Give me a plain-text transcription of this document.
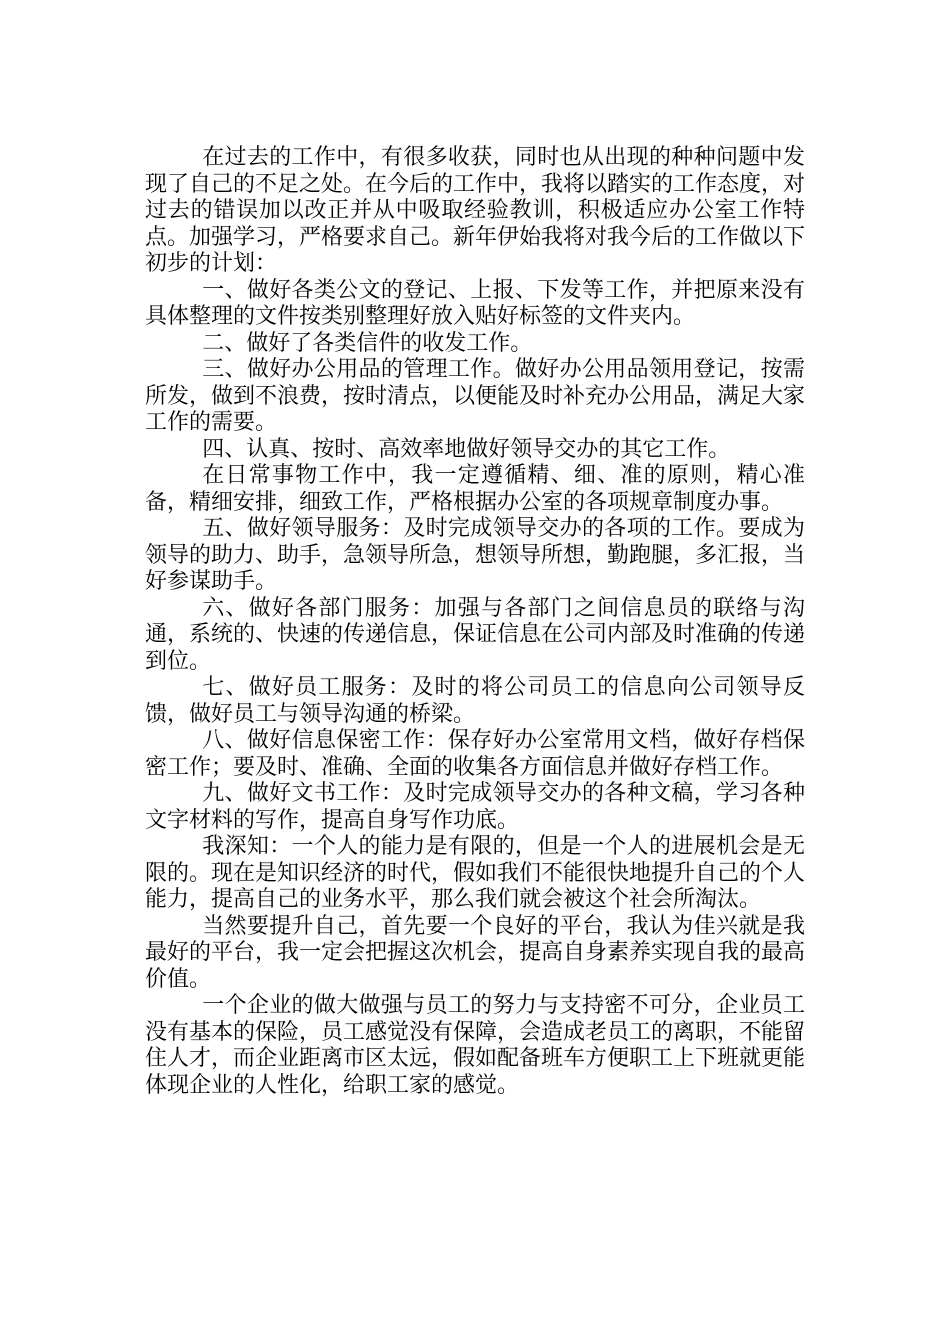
在过去的工作中，有很多收获，同时也从出现的种种问题中发现了自己的不足之处。在今后的工作中，我将以踏实的工作态度，对过去的错误加以改正并从中吸取经验教训，积极适应办公室工作特点。加强学习，严格要求自己。新年伊始我将对我今后的工作做以下初步的计划：

一、做好各类公文的登记、上报、下发等工作，并把原来没有具体整理的文件按类别整理好放入贴好标签的文件夹内。

二、做好了各类信件的收发工作。

三、做好办公用品的管理工作。做好办公用品领用登记，按需所发，做到不浪费，按时清点，以便能及时补充办公用品，满足大家工作的需要。

四、认真、按时、高效率地做好领导交办的其它工作。

在日常事物工作中，我一定遵循精、细、准的原则，精心准备，精细安排，细致工作，严格根据办公室的各项规章制度办事。

五、做好领导服务：及时完成领导交办的各项的工作。要成为领导的助力、助手，急领导所急，想领导所想，勤跑腿，多汇报，当好参谋助手。

六、做好各部门服务：加强与各部门之间信息员的联络与沟通，系统的、快速的传递信息，保证信息在公司内部及时准确的传递到位。

七、做好员工服务：及时的将公司员工的信息向公司领导反馈，做好员工与领导沟通的桥梁。

八、做好信息保密工作：保存好办公室常用文档，做好存档保密工作；要及时、准确、全面的收集各方面信息并做好存档工作。

九、做好文书工作：及时完成领导交办的各种文稿，学习各种文字材料的写作，提高自身写作功底。

我深知：一个人的能力是有限的，但是一个人的进展机会是无限的。现在是知识经济的时代，假如我们不能很快地提升自己的个人能力，提高自己的业务水平，那么我们就会被这个社会所淘汰。

当然要提升自己，首先要一个良好的平台，我认为佳兴就是我最好的平台，我一定会把握这次机会，提高自身素养实现自我的最高价值。

一个企业的做大做强与员工的努力与支持密不可分，企业员工没有基本的保险，员工感觉没有保障，会造成老员工的离职，不能留住人才，而企业距离市区太远，假如配备班车方便职工上下班就更能体现企业的人性化，给职工家的感觉。
